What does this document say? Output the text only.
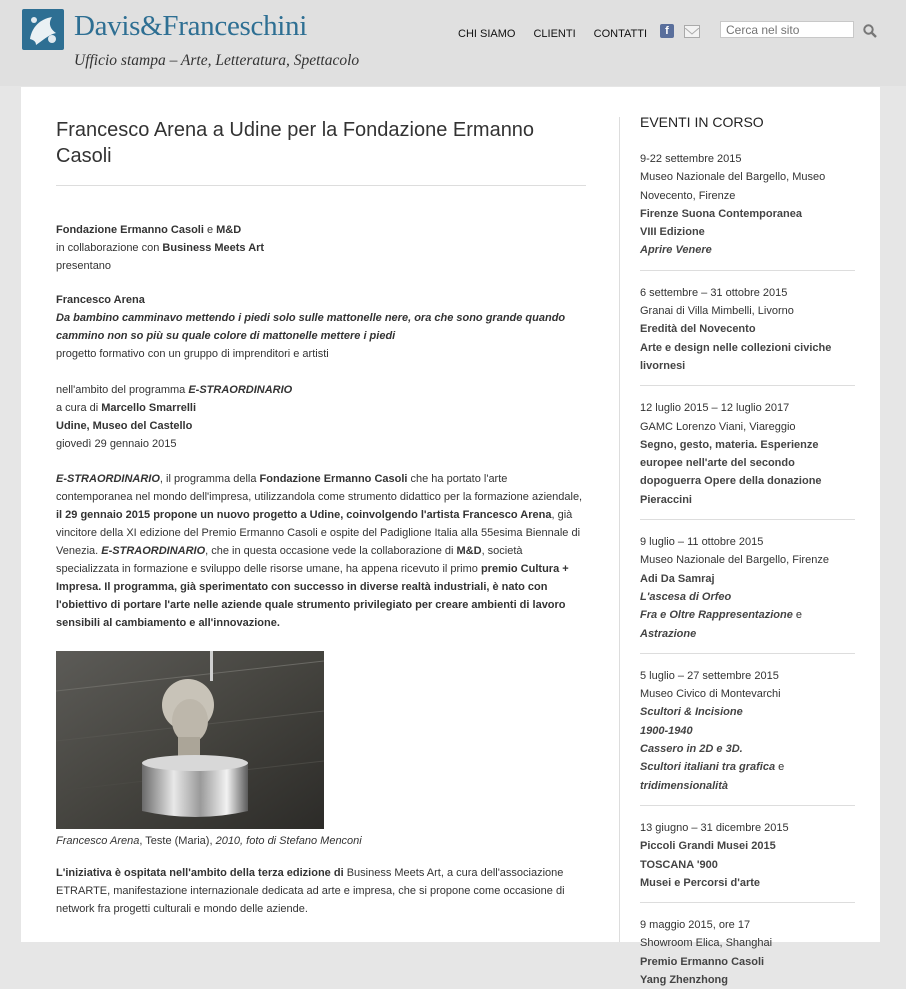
Davis&Franceschini
Ufficio stampa – Arte, Letteratura, Spettacolo
CHI SIAMO CLIENTI CONTATTI	f
Cerca nel sito
Francesco Arena a Udine per la Fondazione Ermanno Casoli

Fondazione Ermanno Casoli e M&D

in collaborazione con Business Meets Art

presentano

Francesco Arena

Da bambino camminavo mettendo i piedi solo sulle mattonelle nere, ora che sono grande quando cammino non so più su quale colore di mattonelle mettere i piedi

progetto formativo con un gruppo di imprenditori e artisti

nell'ambito del programma E-STRAORDINARIO

a cura di Marcello Smarrelli

Udine, Museo del Castello

giovedì 29 gennaio 2015

E-STRAORDINARIO, il programma della Fondazione Ermanno Casoli che ha portato l'arte contemporanea nel mondo dell'impresa, utilizzandola come strumento didattico per la formazione aziendale, il 29 gennaio 2015 propone un nuovo progetto a Udine, coinvolgendo l'artista Francesco Arena, già vincitore della XI edizione del Premio Ermanno Casoli e ospite del Padiglione Italia alla 55esima Biennale di Venezia. E-STRAORDINARIO, che in questa occasione vede la collaborazione di M&D, società specializzata in formazione e sviluppo delle risorse umane, ha appena ricevuto il primo premio Cultura + Impresa. Il programma, già sperimentato con successo in diverse realtà industriali, è nato con l'obiettivo di portare l'arte nelle aziende quale strumento privilegiato per creare ambienti di lavoro sensibili al cambiamento e all'innovazione.

Francesco Arena, Teste (Maria), 2010, foto di Stefano Menconi

L'iniziativa è ospitata nell'ambito della terza edizione di Business Meets Art, a cura dell'associazione ETRARTE, manifestazione internazionale dedicata ad arte e impresa, che si propone come occasione di network fra progetti culturali e mondo delle aziende.

EVENTI IN CORSO
9-22 settembre 2015
Museo Nazionale del Bargello, Museo Novecento, Firenze
Firenze Suona Contemporanea
VIII Edizione
Aprire Venere
6 settembre – 31 ottobre 2015
Granai di Villa Mimbelli, Livorno
Eredità del Novecento
Arte e design nelle collezioni civiche livornesi
12 luglio 2015 – 12 luglio 2017
GAMC Lorenzo Viani, Viareggio
Segno, gesto, materia. Esperienze europee nell'arte del secondo dopoguerra Opere della donazione Pieraccini
9 luglio – 11 ottobre 2015
Museo Nazionale del Bargello, Firenze
Adi Da Samraj
L'ascesa di Orfeo
Fra e Oltre Rappresentazione e
Astrazione
5 luglio – 27 settembre 2015
Museo Civico di Montevarchi
Scultori & Incisione
1900-1940
Cassero in 2D e 3D.
Scultori italiani tra grafica e
tridimensionalità
13 giugno – 31 dicembre 2015
Piccoli Grandi Musei 2015
TOSCANA '900
Musei e Percorsi d'arte
9 maggio 2015, ore 17
Showroom Elica, Shanghai
Premio Ermanno Casoli
Yang Zhenzhong
